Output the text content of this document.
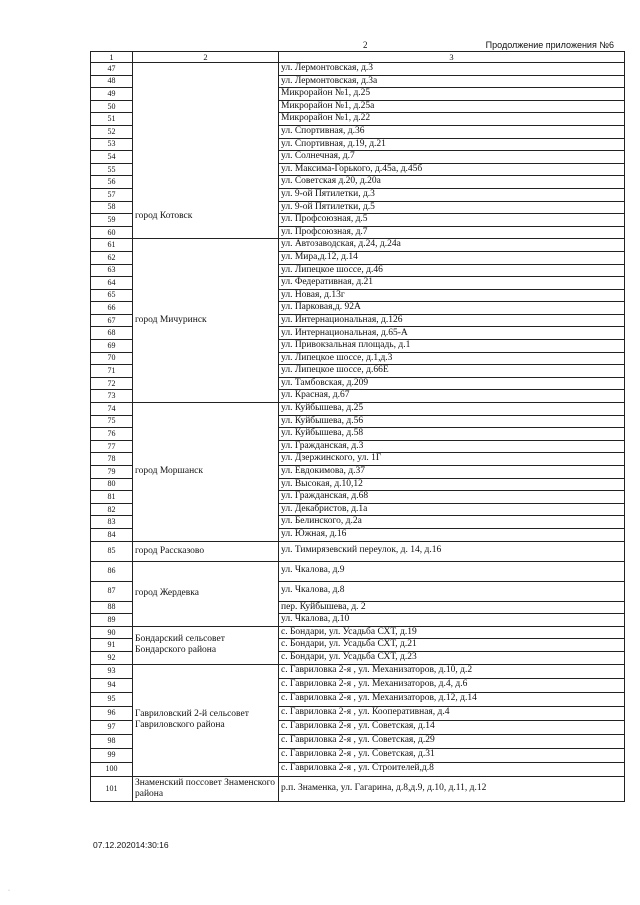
2	Продолжение приложения №6
1	2	3
47	город Котовск	ул. Лермонтовская, д.3
48		ул. Лермонтовская, д.3а
49		Микрорайон №1, д.25
50		Микрорайон №1, д.25а
51		Микрорайон №1, д.22
52		ул. Спортивная, д.36
53		ул. Спортивная, д.19, д.21
54		ул. Солнечная, д.7
55		ул. Максима-Горького, д.45а, д.45б
56		ул. Советская д.20, д.20а
57		ул. 9-ой Пятилетки, д.3
58		ул. 9-ой Пятилетки, д.5
59		ул. Профсоюзная, д.5
60		ул. Профсоюзная, д.7
61	город Мичуринск	ул. Автозаводская, д.24, д.24а
62		ул. Мира,д.12, д.14
63		ул. Липецкое шоссе, д.46
64		ул. Федеративная, д.21
65		ул. Новая, д.13г
66		ул. Парковая,д. 92А
67		ул. Интернациональная, д.126
68		ул. Интернациональная, д.65-А
69		ул. Привокзальная площадь, д.1
70		ул. Липецкое шоссе, д.1,д.3
71		ул. Липецкое шоссе, д.66Е
72		ул. Тамбовская, д.209
73		ул. Красная, д.67
74	город Моршанск	ул. Куйбышева, д.25
75		ул. Куйбышева, д.56
76		ул. Куйбышева, д.58
77		ул. Гражданская, д.3
78		ул. Дзержинского, ул. 1Г
79		ул. Евдокимова, д.37
80		ул. Высокая, д.10,12
81		ул. Гражданская, д.68
82		ул. Декабристов, д.1а
83		ул. Белинского, д.2а
84		ул. Южная, д.16
85	город Рассказово	ул. Тимирязевский переулок, д. 14, д.16
86	город Жердевка	ул. Чкалова, д.9
87		ул. Чкалова, д.8
88		пер. Куйбышева, д. 2
89		ул. Чкалова, д.10
90	Бондарский сельсовет Бондарского района	с. Бондари, ул. Усадьба СХТ, д.19
91		с. Бондари, ул. Усадьба СХТ, д.21
92		с. Бондари, ул. Усадьба СХТ, д.23
93	Гавриловский 2-й сельсовет Гавриловского района	с. Гавриловка 2-я , ул. Механизаторов, д.10, д.2
94		с. Гавриловка 2-я , ул. Механизаторов, д.4, д.6
95		с. Гавриловка 2-я , ул. Механизаторов, д.12, д.14
96		с. Гавриловка 2-я , ул. Кооперативная, д.4
97		с. Гавриловка 2-я , ул. Советская, д.14
98		с. Гавриловка 2-я , ул. Советская, д.29
99		с. Гавриловка 2-я , ул. Советская, д.31
100		с. Гавриловка 2-я , ул. Строителей,д.8
101	Знаменский поссовет Знаменского района	р.п. Знаменка, ул. Гагарина, д.8,д.9, д.10, д.11, д.12
07.12.202014:30:16
·
